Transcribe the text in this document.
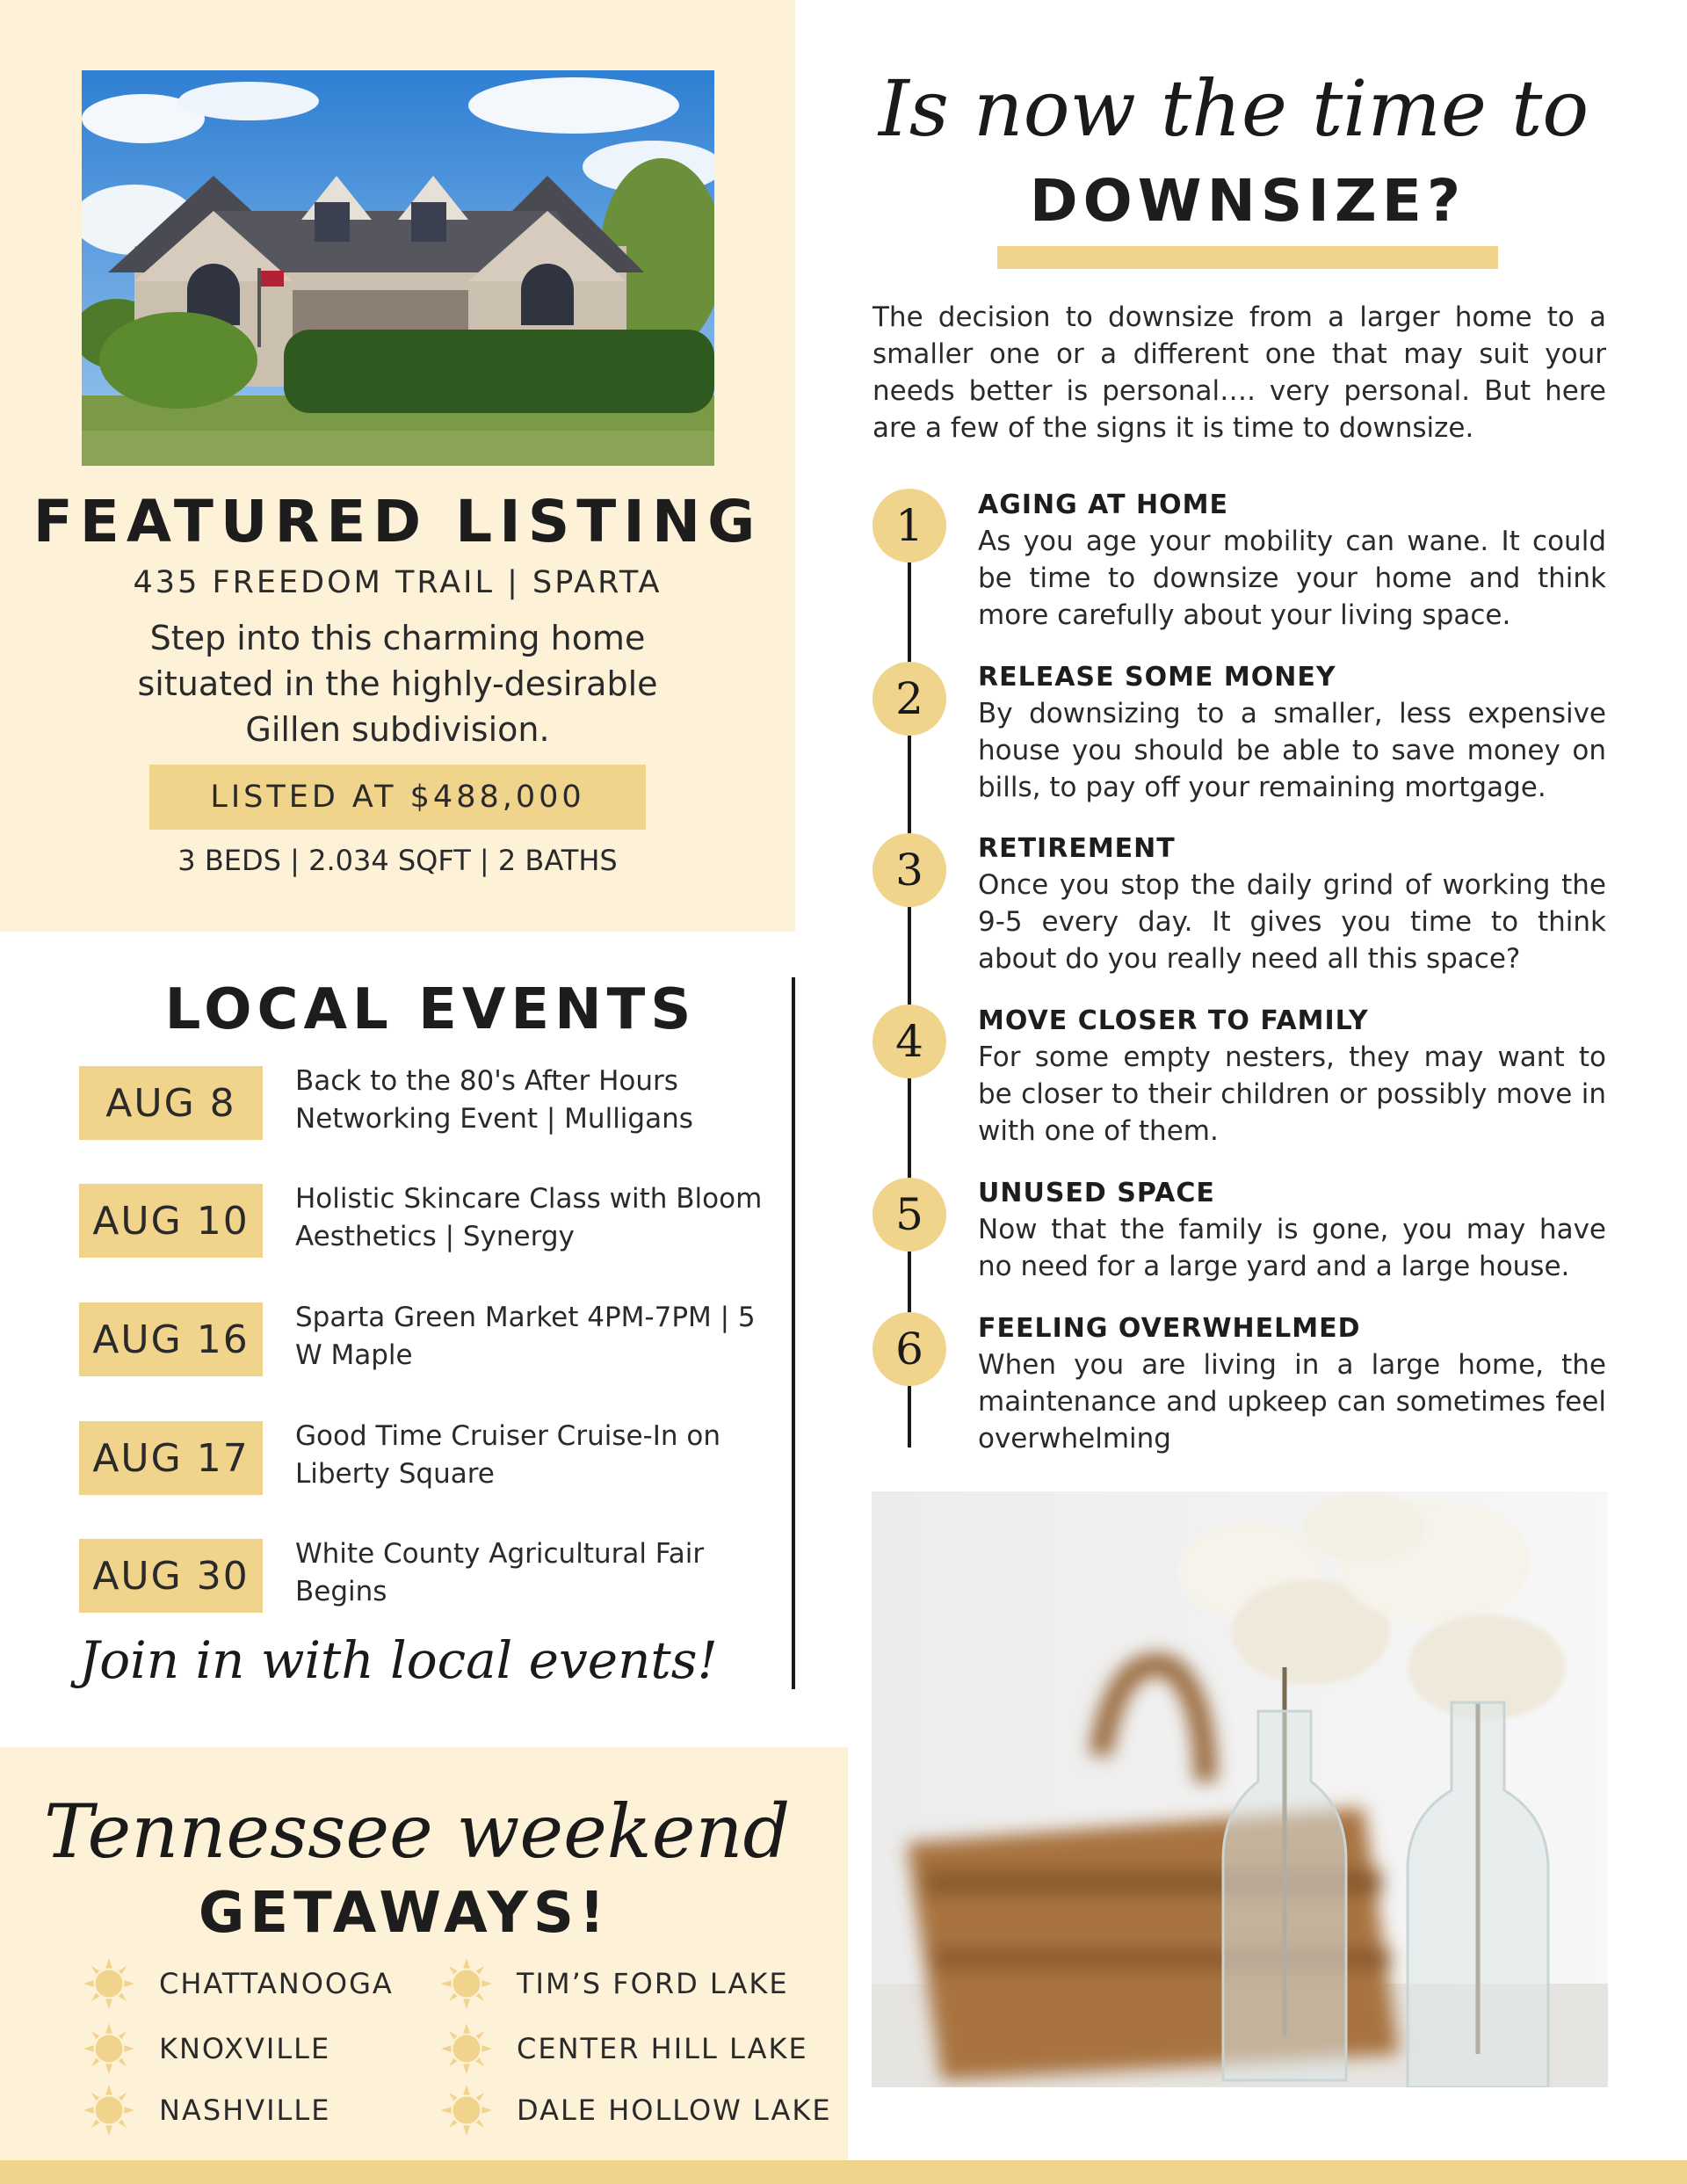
FEATURED LISTING
435 FREEDOM TRAIL | SPARTA
Step into this charming home situated in the highly-desirable Gillen subdivision.
LISTED AT $488,000
3 BEDS | 2.034 SQFT | 2 BATHS
LOCAL EVENTS
AUG 8	Back to the 80's After Hours Networking Event | Mulligans
AUG 10	Holistic Skincare Class with Bloom Aesthetics | Synergy
AUG 16	Sparta Green Market 4PM-7PM | 5 W Maple
AUG 17	Good Time Cruiser Cruise-In on Liberty Square
AUG 30	White County Agricultural Fair Begins
Join in with local events!
Tennessee weekend
GETAWAYS!
CHATTANOOGA
KNOXVILLE
NASHVILLE
TIM’S FORD LAKE
CENTER HILL LAKE
DALE HOLLOW LAKE
Is now the time to
DOWNSIZE?
The decision to downsize from a larger home to a smaller one or a different one that may suit your needs better is personal…. very personal. But here are a few of the signs it is time to downsize.
1	AGING AT HOME
As you age your mobility can wane. It could be time to downsize your home and think more carefully about your living space.
2	RELEASE SOME MONEY
By downsizing to a smaller, less expensive house you should be able to save money on bills, to pay off your remaining mortgage.
3	RETIREMENT
Once you stop the daily grind of working the 9-5 every day. It gives you time to think about do you really need all this space?
4	MOVE CLOSER TO FAMILY
For some empty nesters, they may want to be closer to their children or possibly move in with one of them.
5	UNUSED SPACE
Now that the family is gone, you may have no need for a large yard and a large house.
6	FEELING OVERWHELMED
When you are living in a large home, the maintenance and upkeep can sometimes feel overwhelming
